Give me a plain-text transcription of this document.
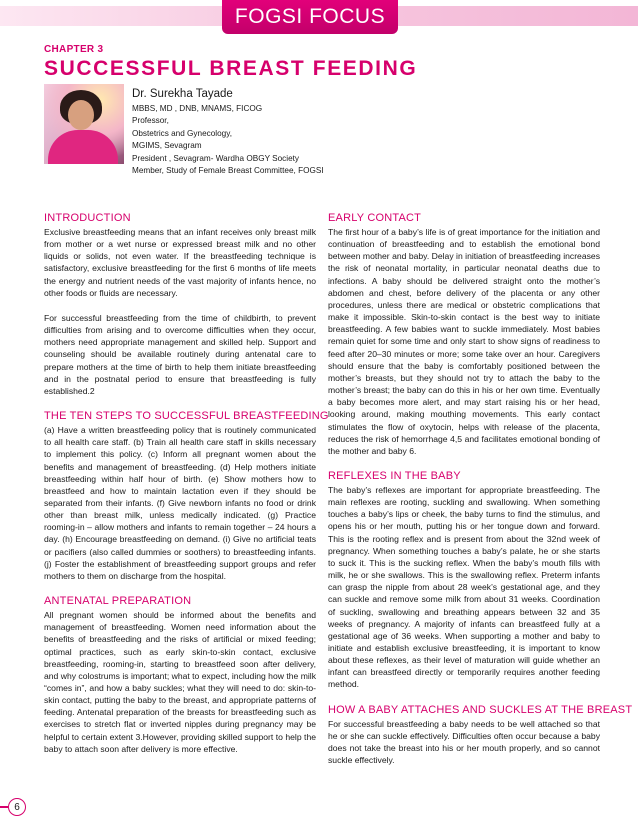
FOGSI FOCUS
CHAPTER 3
SUCCESSFUL BREAST FEEDING
Dr. Surekha Tayade
MBBS, MD , DNB, MNAMS, FICOG
Professor,
Obstetrics and Gynecology,
MGIMS, Sevagram
President , Sevagram- Wardha OBGY Society
Member, Study of Female Breast Committee, FOGSI
INTRODUCTION

Exclusive breastfeeding means that an infant receives only breast milk from mother or a wet nurse or expressed breast milk and no other liquids or solids, not even water. If the breastfeeding technique is satisfactory, exclusive breastfeeding for the first 6 months of life meets the energy and nutrient needs of the vast majority of infants hence, no other foods or fluids are necessary.

For successful breastfeeding from the time of childbirth, to prevent difficulties from arising and to overcome difficulties when they occur, mothers need appropriate management and skilled help. Support and counseling should be available routinely during antenatal care to prepare mothers at the time of birth to help them initiate breastfeeding and in the postnatal period to ensure that breastfeeding is fully established.2

THE TEN STEPS TO SUCCESSFUL BREASTFEEDING

(a) Have a written breastfeeding policy that is routinely communicated to all health care staff. (b) Train all health care staff in skills necessary to implement this policy. (c) Inform all pregnant women about the benefits and management of breastfeeding. (d) Help mothers initiate breastfeeding within half hour of birth. (e) Show mothers how to breastfeed and how to maintain lactation even if they should be separated from their infants. (f) Give newborn infants no food or drink other than breast milk, unless medically indicated. (g) Practice rooming-in – allow mothers and infants to remain together – 24 hours a day. (h) Encourage breastfeeding on demand. (i) Give no artificial teats or pacifiers (also called dummies or soothers) to breastfeeding infants. (j) Foster the establishment of breastfeeding support groups and refer mothers to them on discharge from the hospital.

ANTENATAL PREPARATION

All pregnant women should be informed about the benefits and management of breastfeeding. Women need information about the benefits of breastfeeding and the risks of artificial or mixed feeding; optimal practices, such as early skin-to-skin contact, exclusive breastfeeding, rooming-in, starting to breastfeed soon after delivery, and why colostrums is important; what to expect, including how the milk “comes in”, and how a baby suckles; what they will need to do: skin-to-skin contact, putting the baby to the breast, and appropriate patterns of feeding. Antenatal preparation of the breasts for breastfeeding such as exercises to stretch flat or inverted nipples during pregnancy may be helpful to certain extent 3.However, providing skilled support to help the baby to attach soon after delivery is more effective.

EARLY CONTACT

The first hour of a baby’s life is of great importance for the initiation and continuation of breastfeeding and to establish the emotional bond between mother and baby. Delay in initiation of breastfeeding increases the risk of neonatal mortality, in particular neonatal deaths due to infections. A baby should be delivered straight onto the mother’s abdomen and chest, before delivery of the placenta or any other procedures, unless there are medical or obstetric complications that make it impossible. Skin-to-skin contact is the best way to initiate breastfeeding. A few babies want to suckle immediately. Most babies remain quiet for some time and only start to show signs of readiness to feed after 20–30 minutes or more; some take over an hour. Caregivers should ensure that the baby is comfortably positioned between the mother’s breasts, but they should not try to attach the baby to the mother’s breast; the baby can do this in his or her own time. Eventually a baby becomes more alert, and may start raising his or her head, looking around, making mouthing movements. This early contact stimulates the flow of oxytocin, helps with release of the placenta, reduces the risk of hemorrhage 4,5 and facilitates emotional bonding of the mother and baby 6.

REFLEXES IN THE BABY

The baby’s reflexes are important for appropriate breastfeeding. The main reflexes are rooting, suckling and swallowing. When something touches a baby’s lips or cheek, the baby turns to find the stimulus, and opens his or her mouth, putting his or her tongue down and forward. This is the rooting reflex and is present from about the 32nd week of pregnancy. When something touches a baby’s palate, he or she starts to suck it. This is the sucking reflex. When the baby’s mouth fills with milk, he or she swallows. This is the swallowing reflex. Preterm infants can grasp the nipple from about 28 week’s gestational age, and they can suckle and remove some milk from about 31 weeks. Coordination of suckling, swallowing and breathing appears between 32 and 35 weeks of pregnancy. A majority of infants can breastfeed fully at a gestational age of 36 weeks. When supporting a mother and baby to initiate and establish exclusive breastfeeding, it is important to know about these reflexes, as their level of maturation will guide whether an infant can breastfeed directly or temporarily requires another feeding method.

HOW A BABY ATTACHES AND SUCKLES AT THE BREAST

For successful breastfeeding a baby needs to be well attached so that he or she can suckle effectively. Difficulties often occur because a baby does not take the breast into his or her mouth properly, and so cannot suckle effectively.

6
